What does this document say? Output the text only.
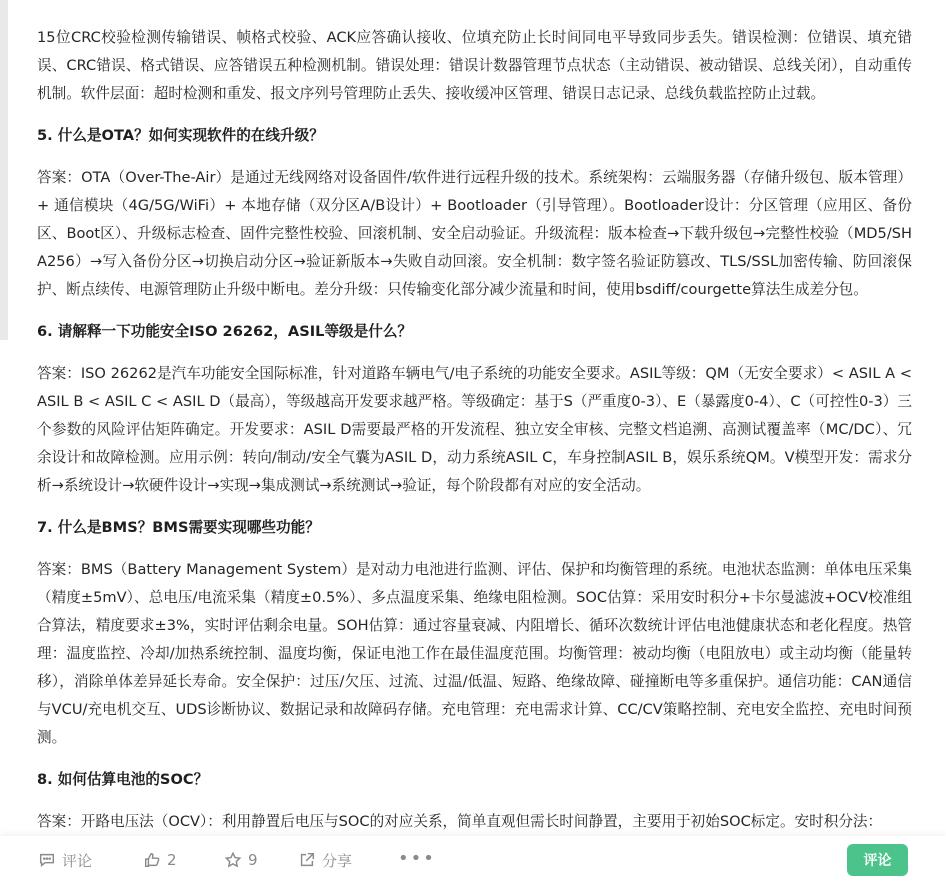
15位CRC校验检测传输错误、帧格式校验、ACK应答确认接收、位填充防止长时间同电平导致同步丢失。错误检测：位错误、填充错误、CRC错误、格式错误、应答错误五种检测机制。错误处理：错误计数器管理节点状态（主动错误、被动错误、总线关闭），自动重传机制。软件层面：超时检测和重发、报文序列号管理防止丢失、接收缓冲区管理、错误日志记录、总线负载监控防止过载。

5. 什么是OTA？如何实现软件的在线升级？

答案：OTA（Over-The-Air）是通过无线网络对设备固件/软件进行远程升级的技术。系统架构：云端服务器（存储升级包、版本管理）+ 通信模块（4G/5G/WiFi）+ 本地存储（双分区A/B设计）+ Bootloader（引导管理）。Bootloader设计：分区管理（应用区、备份区、Boot区）、升级标志检查、固件完整性校验、回滚机制、安全启动验证。升级流程：版本检查→下载升级包→完整性校验（MD5/SHA256）→写入备份分区→切换启动分区→验证新版本→失败自动回滚。安全机制：数字签名验证防篡改、TLS/SSL加密传输、防回滚保护、断点续传、电源管理防止升级中断电。差分升级：只传输变化部分减少流量和时间，使用bsdiff/courgette算法生成差分包。

6. 请解释一下功能安全ISO 26262，ASIL等级是什么？

答案：ISO 26262是汽车功能安全国际标准，针对道路车辆电气/电子系统的功能安全要求。ASIL等级：QM（无安全要求）< ASIL A < ASIL B < ASIL C < ASIL D（最高），等级越高开发要求越严格。等级确定：基于S（严重度0-3）、E（暴露度0-4）、C（可控性0-3）三个参数的风险评估矩阵确定。开发要求：ASIL D需要最严格的开发流程、独立安全审核、完整文档追溯、高测试覆盖率（MC/DC）、冗余设计和故障检测。应用示例：转向/制动/安全气囊为ASIL D，动力系统ASIL C，车身控制ASIL B，娱乐系统QM。V模型开发：需求分析→系统设计→软硬件设计→实现→集成测试→系统测试→验证，每个阶段都有对应的安全活动。

7. 什么是BMS？BMS需要实现哪些功能？

答案：BMS（Battery Management System）是对动力电池进行监测、评估、保护和均衡管理的系统。电池状态监测：单体电压采集（精度±5mV）、总电压/电流采集（精度±0.5%）、多点温度采集、绝缘电阻检测。SOC估算：采用安时积分+卡尔曼滤波+OCV校准组合算法，精度要求±3%，实时评估剩余电量。SOH估算：通过容量衰减、内阻增长、循环次数统计评估电池健康状态和老化程度。热管理：温度监控、冷却/加热系统控制、温度均衡，保证电池工作在最佳温度范围。均衡管理：被动均衡（电阻放电）或主动均衡（能量转移），消除单体差异延长寿命。安全保护：过压/欠压、过流、过温/低温、短路、绝缘故障、碰撞断电等多重保护。通信功能：CAN通信与VCU/充电机交互、UDS诊断协议、数据记录和故障码存储。充电管理：充电需求计算、CC/CV策略控制、充电安全监控、充电时间预测。

8. 如何估算电池的SOC？

答案：开路电压法（OCV）：利用静置后电压与SOC的对应关系，简单直观但需长时间静置，主要用于初始SOC标定。安时积分法：

评论	2	9	分享	•••	评论
